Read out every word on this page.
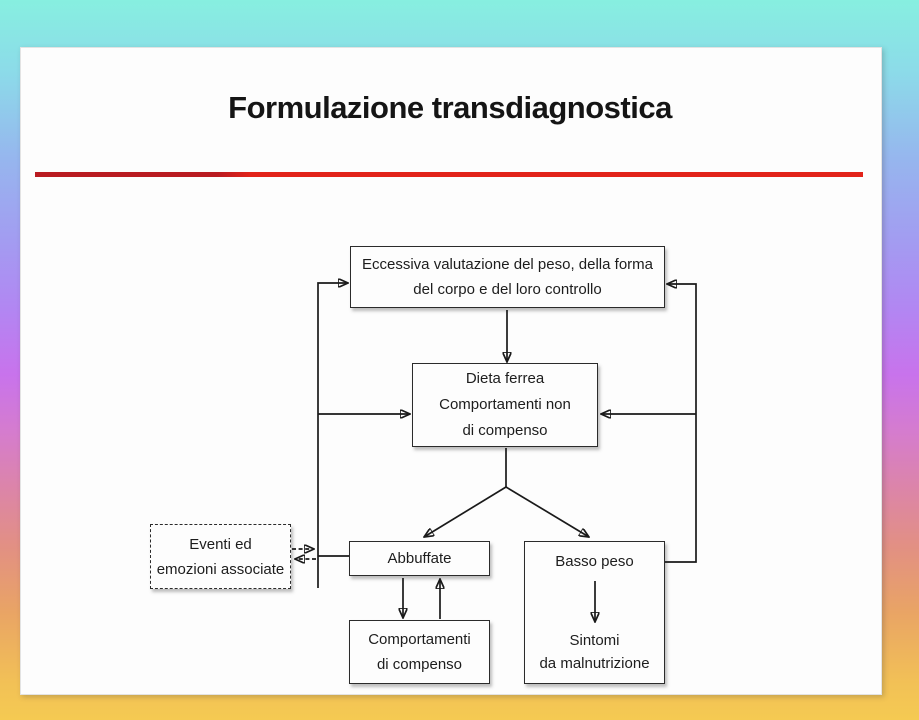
Formulazione transdiagnostica
Eccessiva valutazione del peso, della forma
del corpo e del loro controllo
Dieta ferrea
Comportamenti non
di compenso
Eventi ed
emozioni associate
Abbuffate
Comportamenti
di compenso
Basso peso
Sintomi
da malnutrizione
